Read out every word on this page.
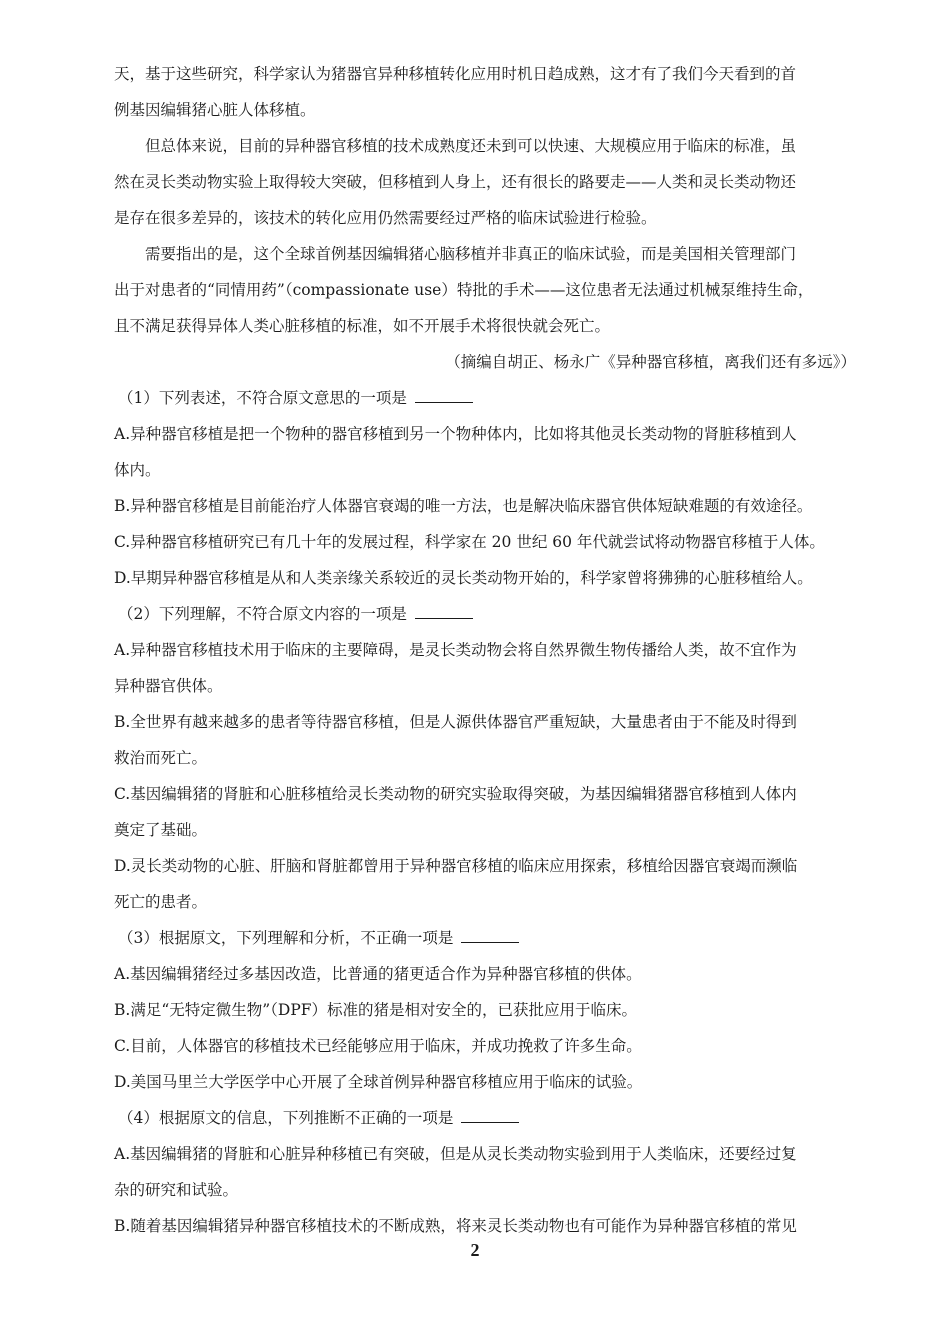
天，基于这些研究，科学家认为猪器官异种移植转化应用时机日趋成熟，这才有了我们今天看到的首
例基因编辑猪心脏人体移植。
但总体来说，目前的异种器官移植的技术成熟度还未到可以快速、大规模应用于临床的标准，虽
然在灵长类动物实验上取得较大突破，但移植到人身上，还有很长的路要走——人类和灵长类动物还
是存在很多差异的，该技术的转化应用仍然需要经过严格的临床试验进行检验。
需要指出的是，这个全球首例基因编辑猪心脑移植并非真正的临床试验，而是美国相关管理部门
出于对患者的“同情用药”（compassionate use）特批的手术——这位患者无法通过机械泵维持生命，
且不满足获得异体人类心脏移植的标准，如不开展手术将很快就会死亡。
（摘编自胡正、杨永广《异种器官移植，离我们还有多远》）
（1）下列表述，不符合原文意思的一项是
A.异种器官移植是把一个物种的器官移植到另一个物种体内，比如将其他灵长类动物的肾脏移植到人
体内。
B.异种器官移植是目前能治疗人体器官衰竭的唯一方法，也是解决临床器官供体短缺难题的有效途径。
C.异种器官移植研究已有几十年的发展过程，科学家在 20 世纪 60 年代就尝试将动物器官移植于人体。
D.早期异种器官移植是从和人类亲缘关系较近的灵长类动物开始的，科学家曾将狒狒的心脏移植给人。
（2）下列理解，不符合原文内容的一项是
A.异种器官移植技术用于临床的主要障碍，是灵长类动物会将自然界微生物传播给人类，故不宜作为
异种器官供体。
B.全世界有越来越多的患者等待器官移植，但是人源供体器官严重短缺，大量患者由于不能及时得到
救治而死亡。
C.基因编辑猪的肾脏和心脏移植给灵长类动物的研究实验取得突破，为基因编辑猪器官移植到人体内
奠定了基础。
D.灵长类动物的心脏、肝脑和肾脏都曾用于异种器官移植的临床应用探索，移植给因器官衰竭而濒临
死亡的患者。
（3）根据原文，下列理解和分析，不正确一项是
A.基因编辑猪经过多基因改造，比普通的猪更适合作为异种器官移植的供体。
B.满足“无特定微生物”（DPF）标准的猪是相对安全的，已获批应用于临床。
C.目前，人体器官的移植技术已经能够应用于临床，并成功挽救了许多生命。
D.美国马里兰大学医学中心开展了全球首例异种器官移植应用于临床的试验。
（4）根据原文的信息，下列推断不正确的一项是
A.基因编辑猪的肾脏和心脏异种移植已有突破，但是从灵长类动物实验到用于人类临床，还要经过复
杂的研究和试验。
B.随着基因编辑猪异种器官移植技术的不断成熟，将来灵长类动物也有可能作为异种器官移植的常见
2
